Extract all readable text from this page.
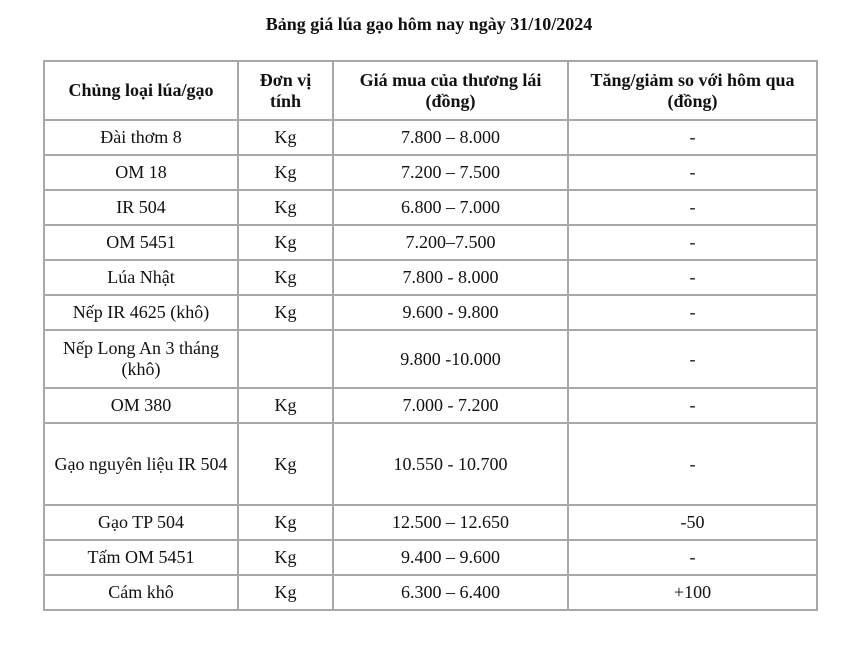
Bảng giá lúa gạo hôm nay ngày 31/10/2024
Chủng loại lúa/gạo	Đơn vị tính	Giá mua của thương lái (đồng)	Tăng/giảm so với hôm qua (đồng)
Đài thơm 8	Kg	7.800 – 8.000	-
OM 18	Kg	7.200 – 7.500	-
IR 504	Kg	6.800 – 7.000	-
OM 5451	Kg	7.200–7.500	-
Lúa Nhật	Kg	7.800 - 8.000	-
Nếp IR 4625 (khô)	Kg	9.600 - 9.800	-
Nếp Long An 3 tháng (khô)		9.800 -10.000	-
OM 380	Kg	7.000 - 7.200	-
Gạo nguyên liệu IR 504	Kg	10.550 - 10.700	-
Gạo TP 504	Kg	12.500 – 12.650	-50
Tấm OM 5451	Kg	9.400 – 9.600	-
Cám khô	Kg	6.300 – 6.400	+100
